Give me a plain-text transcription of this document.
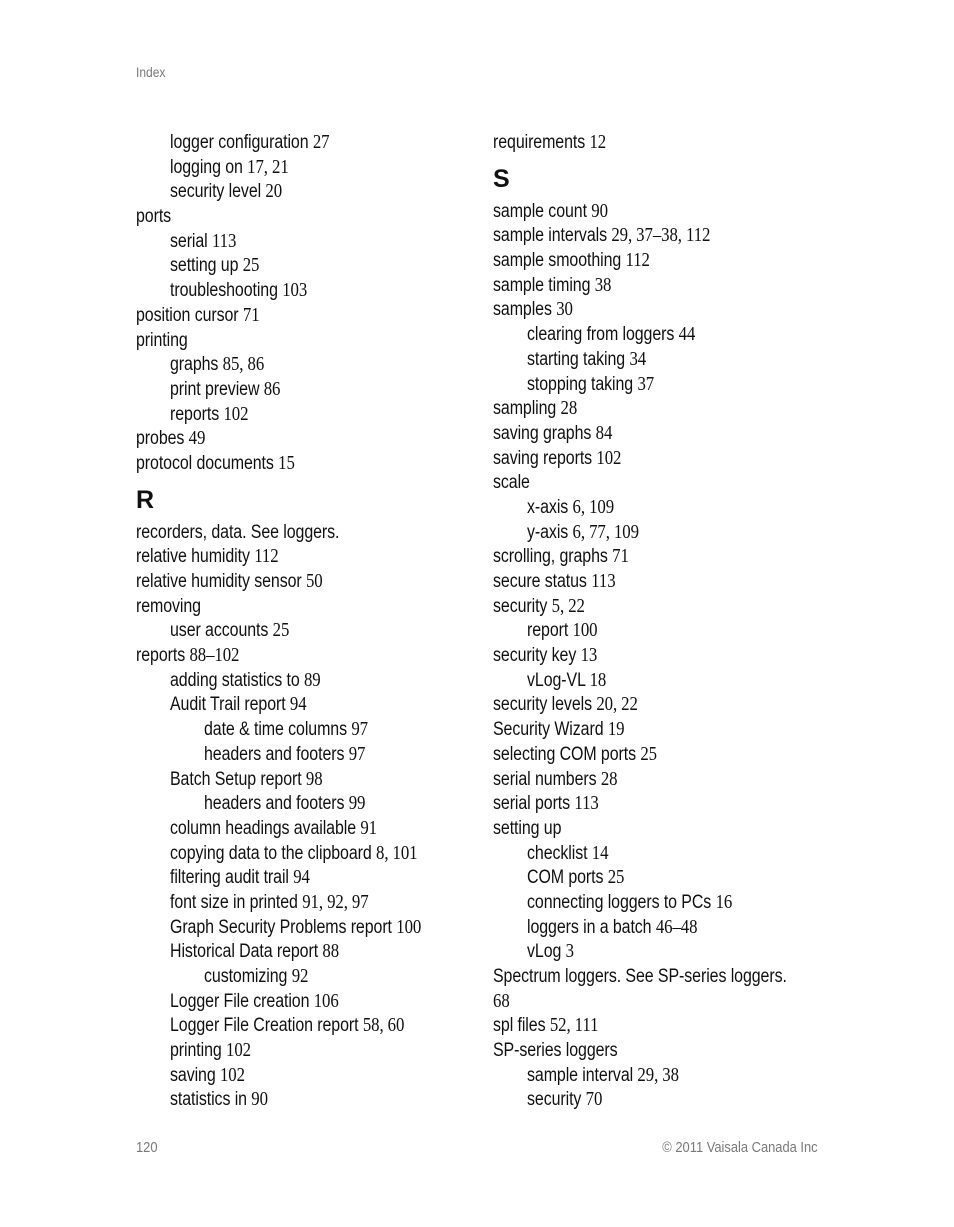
Index
logger configuration 27
logging on 17, 21
security level 20
ports
serial 113
setting up 25
troubleshooting 103
position cursor 71
printing
graphs 85, 86
print preview 86
reports 102
probes 49
protocol documents 15
R
recorders, data. See loggers.
relative humidity 112
relative humidity sensor 50
removing
user accounts 25
reports 88–102
adding statistics to 89
Audit Trail report 94
date & time columns 97
headers and footers 97
Batch Setup report 98
headers and footers 99
column headings available 91
copying data to the clipboard 8, 101
filtering audit trail 94
font size in printed 91, 92, 97
Graph Security Problems report 100
Historical Data report 88
customizing 92
Logger File creation 106
Logger File Creation report 58, 60
printing 102
saving 102
statistics in 90
requirements 12
S
sample count 90
sample intervals 29, 37–38, 112
sample smoothing 112
sample timing 38
samples 30
clearing from loggers 44
starting taking 34
stopping taking 37
sampling 28
saving graphs 84
saving reports 102
scale
x-axis 6, 109
y-axis 6, 77, 109
scrolling, graphs 71
secure status 113
security 5, 22
report 100
security key 13
vLog-VL 18
security levels 20, 22
Security Wizard 19
selecting COM ports 25
serial numbers 28
serial ports 113
setting up
checklist 14
COM ports 25
connecting loggers to PCs 16
loggers in a batch 46–48
vLog 3
Spectrum loggers. See SP-series loggers.
68
spl files 52, 111
SP-series loggers
sample interval 29, 38
security 70
120	© 2011 Vaisala Canada Inc
